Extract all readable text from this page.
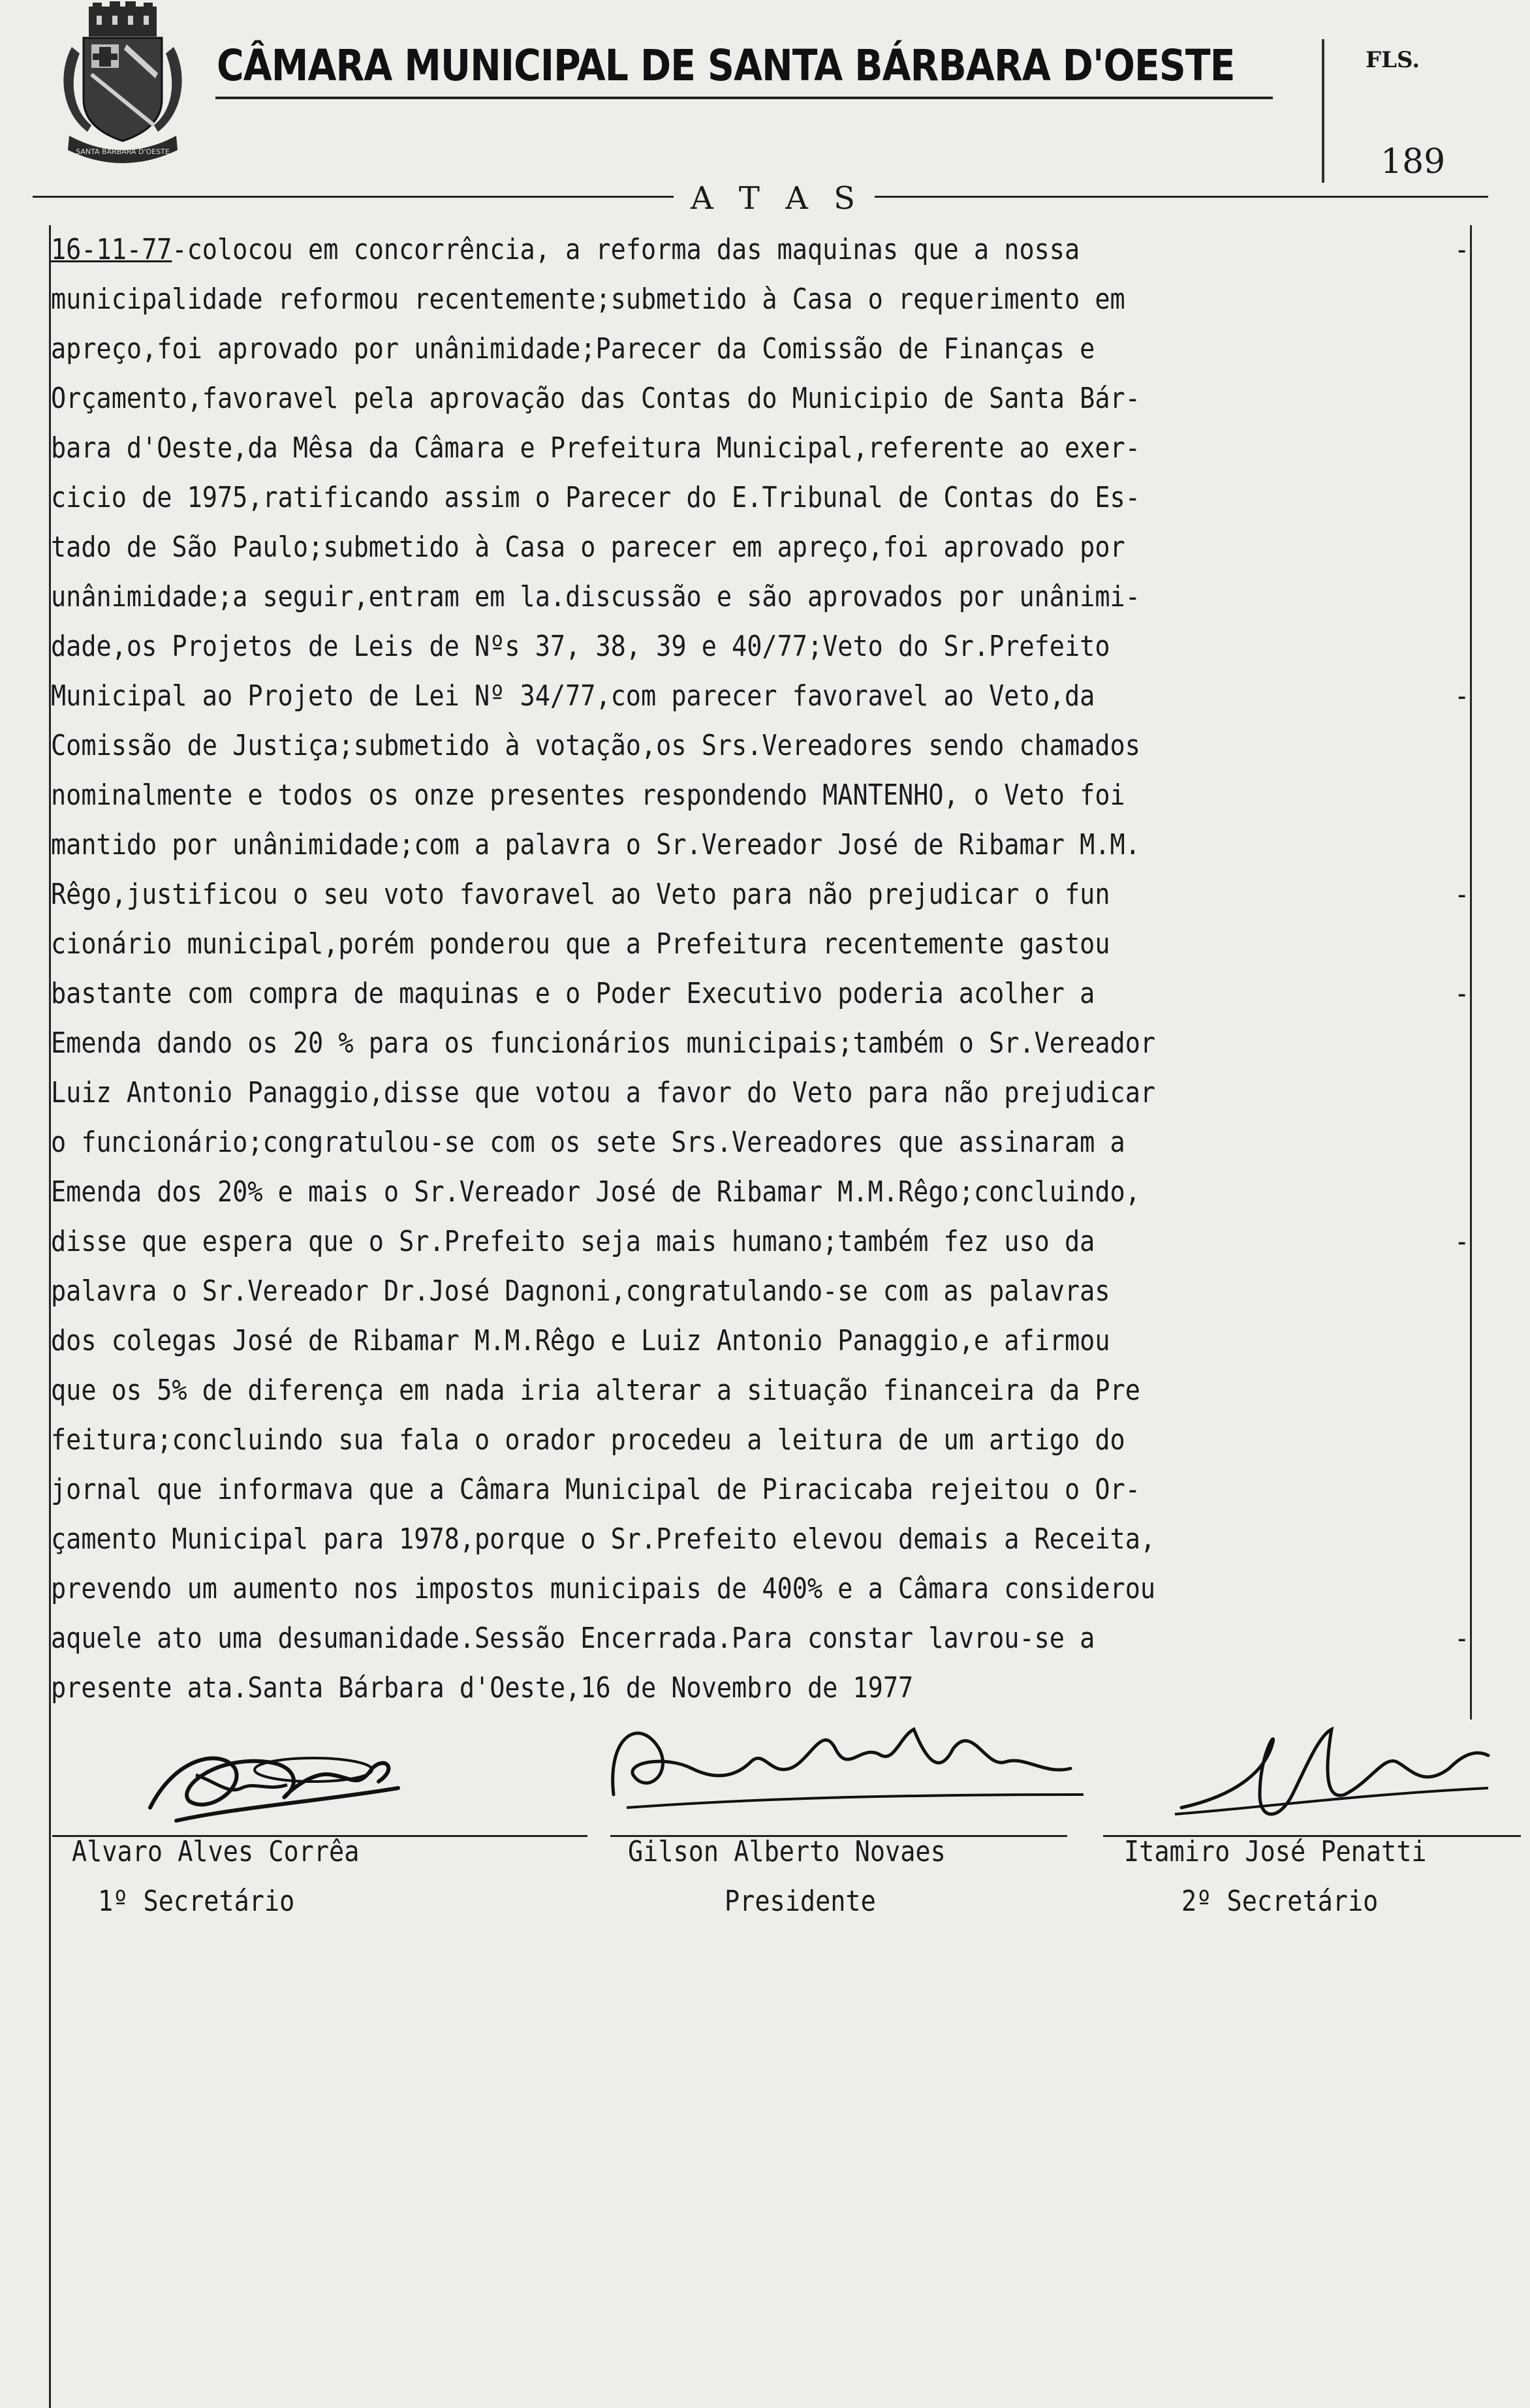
SANTA BÁRBARA D'OESTE
CÂMARA MUNICIPAL DE SANTA BÁRBARA D'OESTE	FLS.
189
A T A S
16-11-77-colocou em concorrência, a reforma das maquinas que a nossa	-
municipalidade reformou recentemente;submetido à Casa o requerimento em
apreço,foi aprovado por unânimidade;Parecer da Comissão de Finanças e
Orçamento,favoravel pela aprovação das Contas do Municipio de Santa Bár-
bara d'Oeste,da Mêsa da Câmara e Prefeitura Municipal,referente ao exer-
cicio de 1975,ratificando assim o Parecer do E.Tribunal de Contas do Es-
tado de São Paulo;submetido à Casa o parecer em apreço,foi aprovado por
unânimidade;a seguir,entram em la.discussão e são aprovados por unânimi-
dade,os Projetos de Leis de Nºs 37, 38, 39 e 40/77;Veto do Sr.Prefeito
Municipal ao Projeto de Lei Nº 34/77,com parecer favoravel ao Veto,da	-
Comissão de Justiça;submetido à votação,os Srs.Vereadores sendo chamados
nominalmente e todos os onze presentes respondendo MANTENHO, o Veto foi
mantido por unânimidade;com a palavra o Sr.Vereador José de Ribamar M.M.
Rêgo,justificou o seu voto favoravel ao Veto para não prejudicar o fun	-
cionário municipal,porém ponderou que a Prefeitura recentemente gastou
bastante com compra de maquinas e o Poder Executivo poderia acolher a	-
Emenda dando os 20 % para os funcionários municipais;também o Sr.Vereador
Luiz Antonio Panaggio,disse que votou a favor do Veto para não prejudicar
o funcionário;congratulou-se com os sete Srs.Vereadores que assinaram a
Emenda dos 20% e mais o Sr.Vereador José de Ribamar M.M.Rêgo;concluindo,
disse que espera que o Sr.Prefeito seja mais humano;também fez uso da	-
palavra o Sr.Vereador Dr.José Dagnoni,congratulando-se com as palavras
dos colegas José de Ribamar M.M.Rêgo e Luiz Antonio Panaggio,e afirmou
que os 5% de diferença em nada iria alterar a situação financeira da Pre
feitura;concluindo sua fala o orador procedeu a leitura de um artigo do
jornal que informava que a Câmara Municipal de Piracicaba rejeitou o Or-
çamento Municipal para 1978,porque o Sr.Prefeito elevou demais a Receita,
prevendo um aumento nos impostos municipais de 400% e a Câmara considerou
aquele ato uma desumanidade.Sessão Encerrada.Para constar lavrou-se a	-
presente ata.Santa Bárbara d'Oeste,16 de Novembro de 1977
Alvaro Alves Corrêa
1º Secretário
Gilson Alberto Novaes
Presidente
Itamiro José Penatti
2º Secretário
